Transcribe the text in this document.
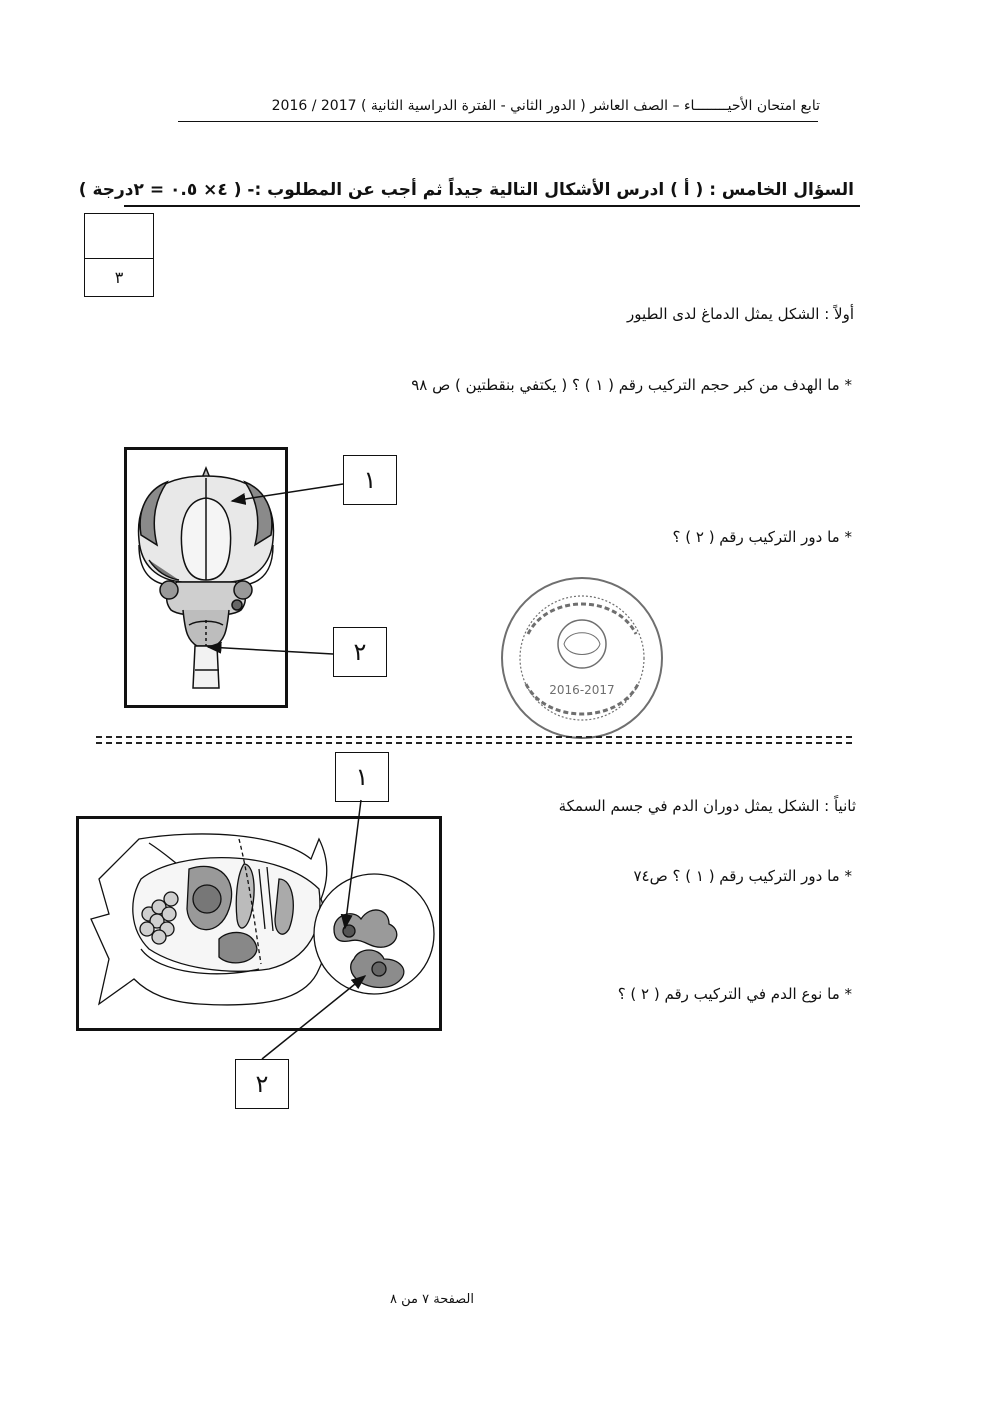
تابع امتحان الأحيــــــــاء – الصف العاشر ( الدور الثاني - الفترة الدراسية الثانية ) 2017 / 2016
السؤال الخامس : ( أ ) ادرس الأشكال التالية جيداً ثم أجب عن المطلوب :- ( ٤× ٠.٥ = ٢درجة )
٣
أولاً : الشكل يمثل الدماغ لدى الطيور
* ما الهدف من كبر حجم التركيب رقم ( ١ ) ؟ ( يكتفي بنقطتين ) ص ٩٨
* ما دور التركيب رقم ( ٢ ) ؟
2016-2017
١
٢
١
٢
ثانياً : الشكل يمثل دوران الدم في جسم السمكة
* ما دور التركيب رقم ( ١ ) ؟ ص٧٤
* ما نوع الدم في التركيب رقم ( ٢ ) ؟
الصفحة ٧ من ٨
